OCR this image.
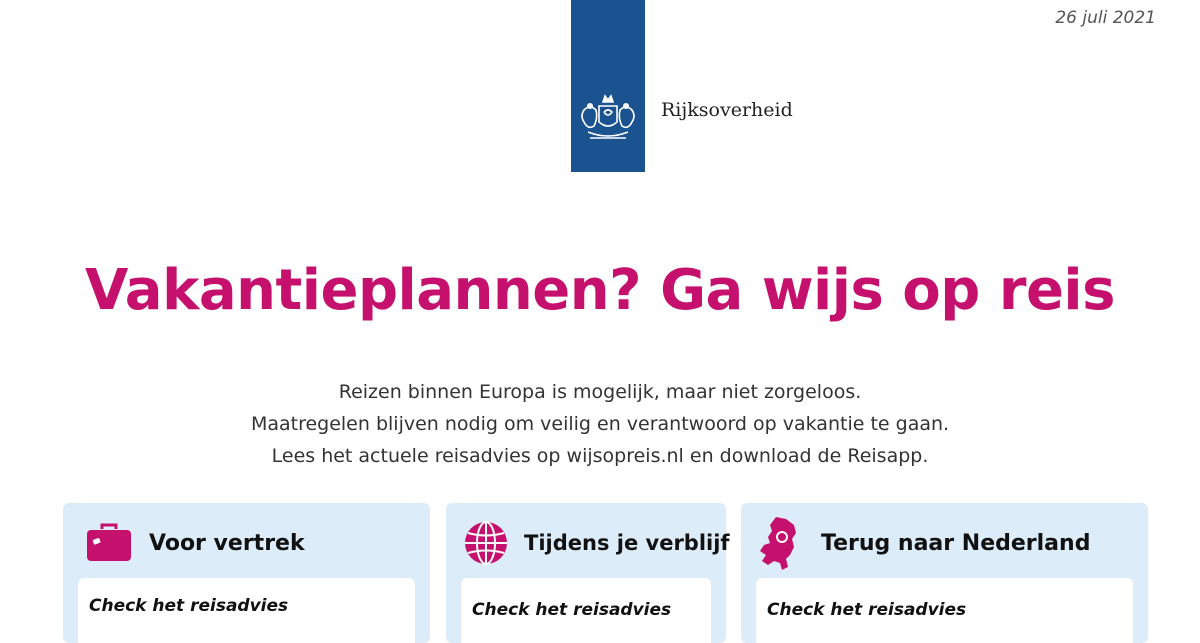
26 juli 2021
Rijksoverheid
Vakantieplannen? Ga wijs op reis
Reizen binnen Europa is mogelijk, maar niet zorgeloos.
Maatregelen blijven nodig om veilig en verantwoord op vakantie te gaan.
Lees het actuele reisadvies op wijsopreis.nl en download de Reisapp.
Voor vertrek
Check het reisadvies
Tijdens je verblijf
Check het reisadvies
Terug naar Nederland
Check het reisadvies
